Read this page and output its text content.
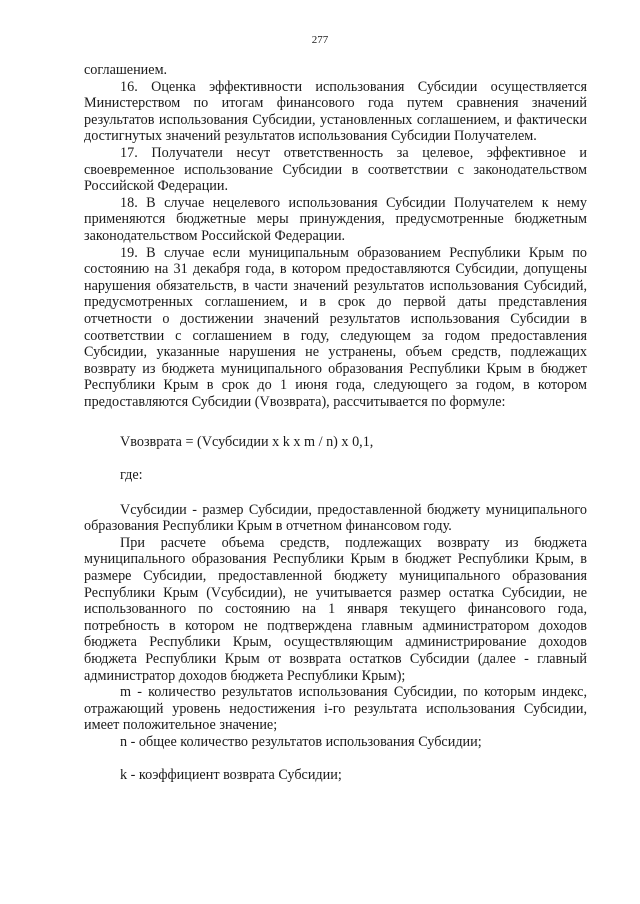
277

соглашением.

16. Оценка эффективности использования Субсидии осуществляется Министерством по итогам финансового года путем сравнения значений результатов использования Субсидии, установленных соглашением, и фактически достигнутых значений результатов использования Субсидии Получателем.

17. Получатели несут ответственность за целевое, эффективное и своевременное использование Субсидии в соответствии с законодательством Российской Федерации.

18. В случае нецелевого использования Субсидии Получателем к нему применяются бюджетные меры принуждения, предусмотренные бюджетным законодательством Российской Федерации.

19. В случае если муниципальным образованием Республики Крым по состоянию на 31 декабря года, в котором предоставляются Субсидии, допущены нарушения обязательств, в части значений результатов использования Субсидий, предусмотренных соглашением, и в срок до первой даты представления отчетности о достижении значений результатов использования Субсидии в соответствии с соглашением в году, следующем за годом предоставления Субсидии, указанные нарушения не устранены, объем средств, подлежащих возврату из бюджета муниципального образования Республики Крым в бюджет Республики Крым в срок до 1 июня года, следующего за годом, в котором предоставляются Субсидии (Vвозврата), рассчитывается по формуле:

Vвозврата = (Vсубсидии x k x m / n) x 0,1,

где:

Vсубсидии - размер Субсидии, предоставленной бюджету муниципального образования Республики Крым в отчетном финансовом году.

При расчете объема средств, подлежащих возврату из бюджета муниципального образования Республики Крым в бюджет Республики Крым, в размере Субсидии, предоставленной бюджету муниципального образования Республики Крым (Vсубсидии), не учитывается размер остатка Субсидии, не использованного по состоянию на 1 января текущего финансового года, потребность в котором не подтверждена главным администратором доходов бюджета Республики Крым, осуществляющим администрирование доходов бюджета Республики Крым от возврата остатков Субсидии (далее - главный администратор доходов бюджета Республики Крым);

m - количество результатов использования Субсидии, по которым индекс, отражающий уровень недостижения i-го результата использования Субсидии, имеет положительное значение;

n - общее количество результатов использования Субсидии;

k - коэффициент возврата Субсидии;
